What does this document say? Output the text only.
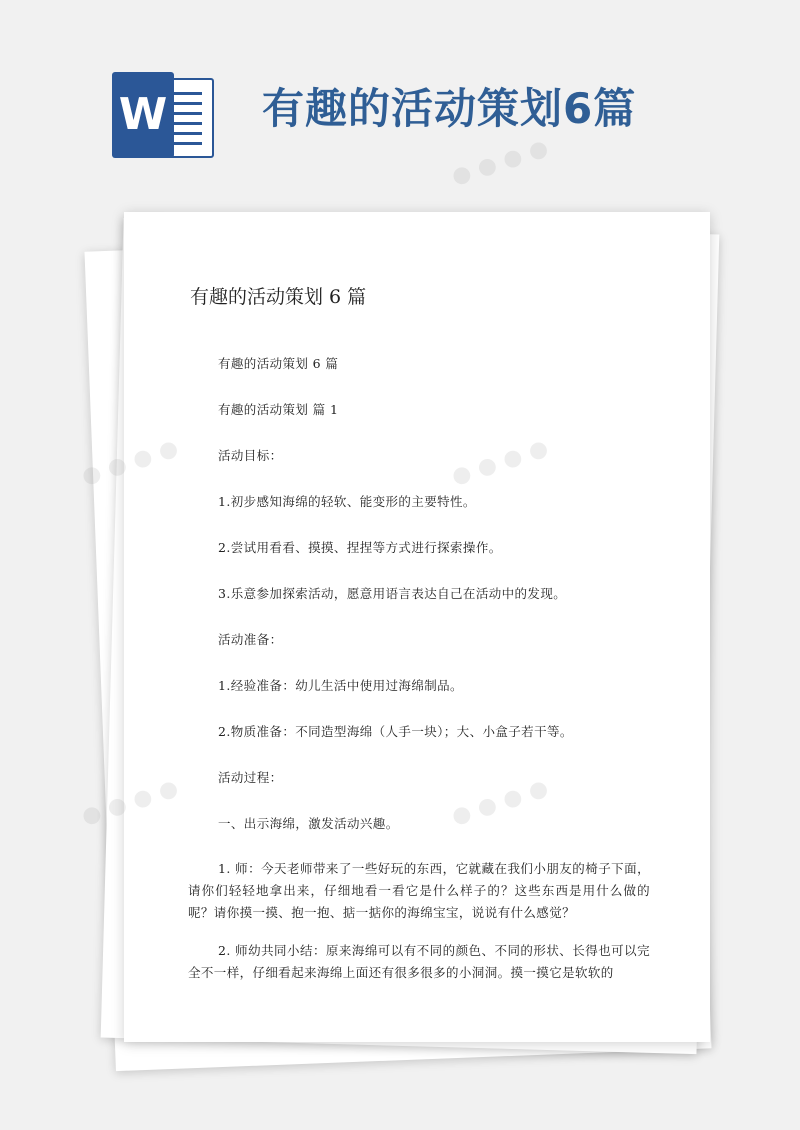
W 有趣的活动策划6篇
有趣的活动策划 6 篇

有趣的活动策划 6 篇

有趣的活动策划 篇 1

活动目标：

1.初步感知海绵的轻软、能变形的主要特性。

2.尝试用看看、摸摸、捏捏等方式进行探索操作。

3.乐意参加探索活动，愿意用语言表达自己在活动中的发现。

活动准备：

1.经验准备：幼儿生活中使用过海绵制品。

2.物质准备：不同造型海绵（人手一块）；大、小盒子若干等。

活动过程：

一、出示海绵，激发活动兴趣。

1. 师：今天老师带来了一些好玩的东西，它就藏在我们小朋友的椅子下面，请你们轻轻地拿出来，仔细地看一看它是什么样子的？这些东西是用什么做的呢？请你摸一摸、抱一抱、掂一掂你的海绵宝宝，说说有什么感觉？

2. 师幼共同小结：原来海绵可以有不同的颜色、不同的形状、长得也可以完全不一样，仔细看起来海绵上面还有很多很多的小洞洞。摸一摸它是软软的

● ● ● ●
●
●
